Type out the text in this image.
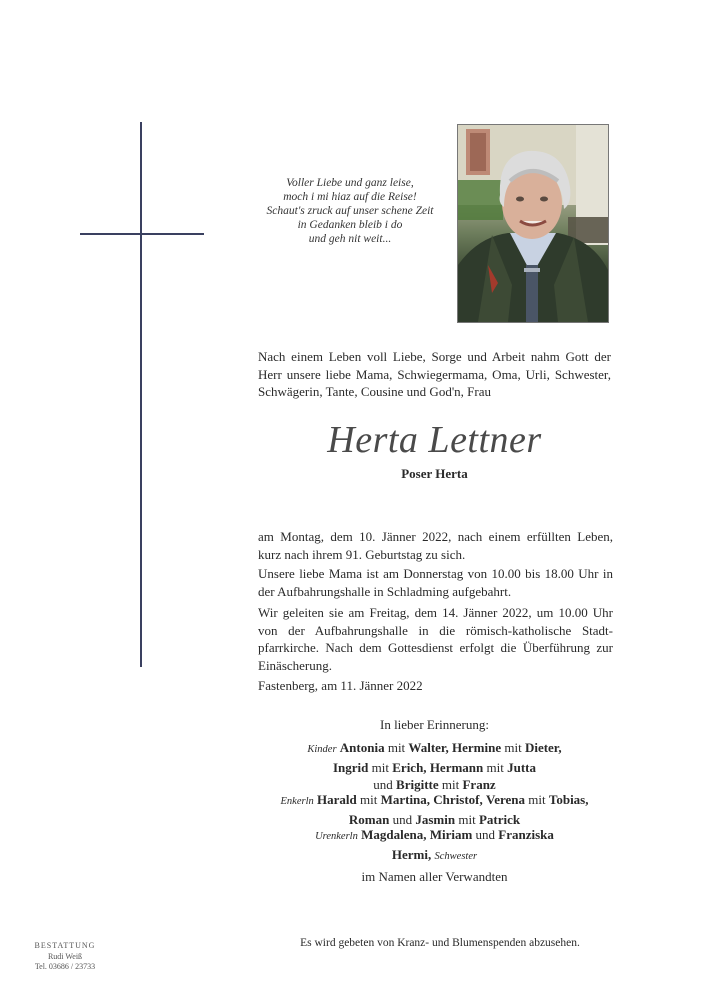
Voller Liebe und ganz leise,
moch i mi hiaz auf die Reise!
Schaut's zruck auf unser schene Zeit
in Gedanken bleib i do
und geh nit weit...
Nach einem Leben voll Liebe, Sorge und Arbeit nahm Gott der Herr unsere liebe Mama, Schwiegermama, Oma, Urli, Schwester, Schwägerin, Tante, Cousine und God'n, Frau
Herta Lettner
Poser Herta
am Montag, dem 10. Jänner 2022, nach einem erfüllten Leben,
kurz nach ihrem 91. Geburtstag zu sich.
Unsere liebe Mama ist am Donnerstag von 10.00 bis 18.00 Uhr in
der Aufbahrungshalle in Schladming aufgebahrt.
Wir geleiten sie am Freitag, dem 14. Jänner 2022, um 10.00 Uhr
von der Aufbahrungshalle in die römisch-katholische Stadt-
pfarrkirche. Nach dem Gottesdienst erfolgt die Überführung zur
Einäscherung.
Fastenberg, am 11. Jänner 2022
In lieber Erinnerung:
Kinder Antonia mit Walter, Hermine mit Dieter,
Ingrid mit Erich, Hermann mit Jutta
und Brigitte mit Franz
Enkerln Harald mit Martina, Christof, Verena mit Tobias,
Roman und Jasmin mit Patrick
Urenkerln Magdalena, Miriam und Franziska
Hermi, Schwester
im Namen aller Verwandten
Es wird gebeten von Kranz- und Blumenspenden abzusehen.
BESTATTUNG
Rudi Weiß
Tel. 03686 / 23733
